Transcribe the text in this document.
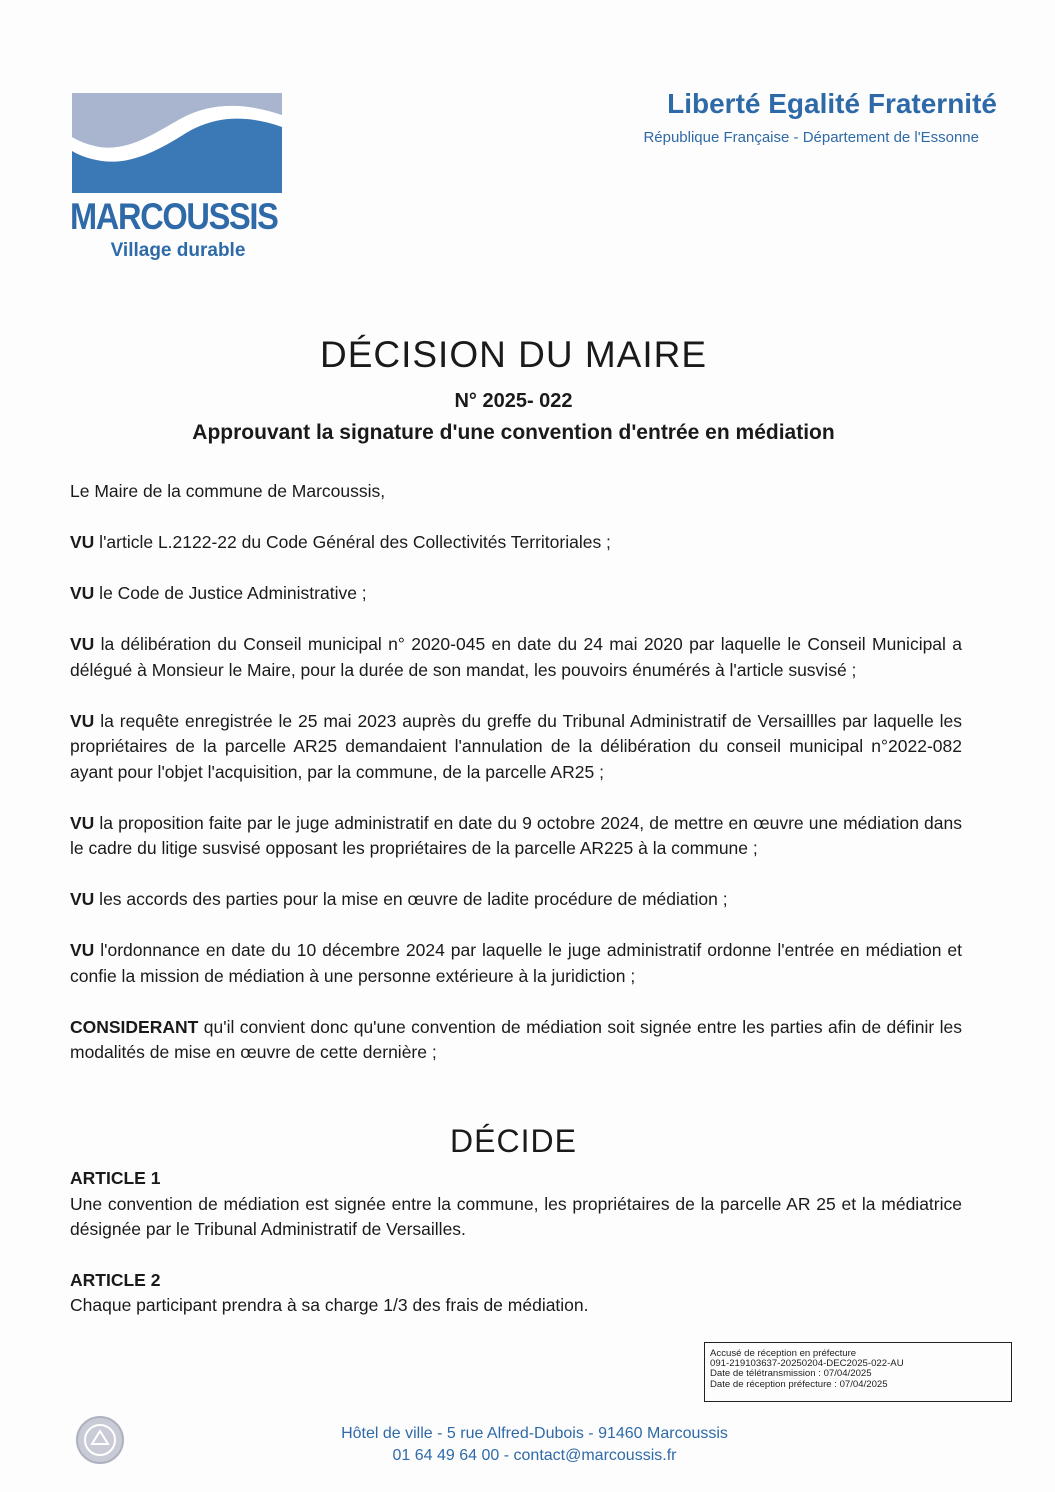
MARCOUSSIS
Village durable
Liberté Egalité Fraternité
République Française - Département de l'Essonne
DÉCISION DU MAIRE
N° 2025- 022
Approuvant la signature d'une convention d'entrée en médiation

Le Maire de la commune de Marcoussis,

VU l'article L.2122-22 du Code Général des Collectivités Territoriales ;

VU le Code de Justice Administrative ;

VU la délibération du Conseil municipal n° 2020-045 en date du 24 mai 2020 par laquelle le Conseil Municipal a délégué à Monsieur le Maire, pour la durée de son mandat, les pouvoirs énumérés à l'article susvisé ;

VU la requête enregistrée le 25 mai 2023 auprès du greffe du Tribunal Administratif de Versaillles par laquelle les propriétaires de la parcelle AR25 demandaient l'annulation de la délibération du conseil municipal n°2022-082 ayant pour l'objet l'acquisition, par la commune, de la parcelle AR25 ;

VU la proposition faite par le juge administratif en date du 9 octobre 2024, de mettre en œuvre une médiation dans le cadre du litige susvisé opposant les propriétaires de la parcelle AR225 à la commune ;

VU les accords des parties pour la mise en œuvre de ladite procédure de médiation ;

VU l'ordonnance en date du 10 décembre 2024 par laquelle le juge administratif ordonne l'entrée en médiation et confie la mission de médiation à une personne extérieure à la juridiction ;

CONSIDERANT qu'il convient donc qu'une convention de médiation soit signée entre les parties afin de définir les modalités de mise en œuvre de cette dernière ;

DÉCIDE

ARTICLE 1

Une convention de médiation est signée entre la commune, les propriétaires de la parcelle AR 25 et la médiatrice désignée par le Tribunal Administratif de Versailles.

ARTICLE 2

Chaque participant prendra à sa charge 1/3 des frais de médiation.

Accusé de réception en préfecture
091-219103637-20250204-DEC2025-022-AU
Date de télétransmission : 07/04/2025
Date de réception préfecture : 07/04/2025
Hôtel de ville - 5 rue Alfred-Dubois - 91460 Marcoussis
01 64 49 64 00 - contact@marcoussis.fr
